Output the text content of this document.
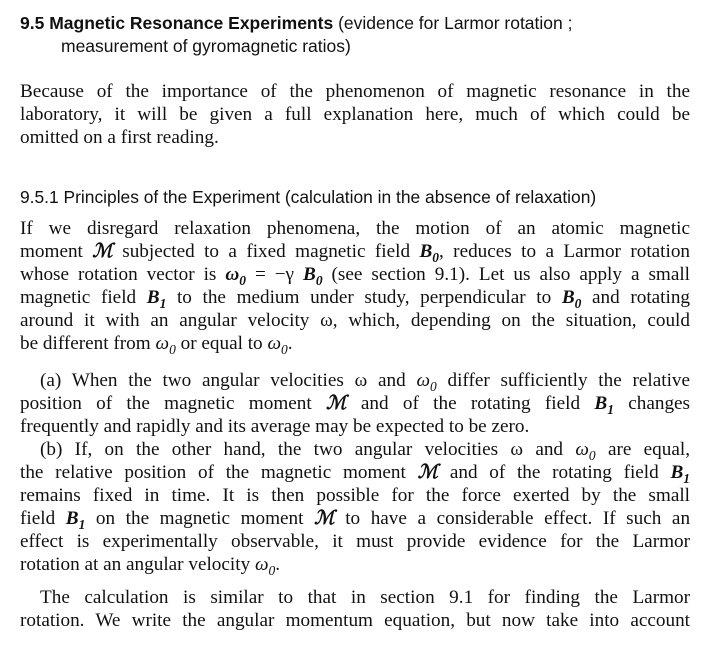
9.5 Magnetic Resonance Experiments (evidence for Larmor rotation ;
measurement of gyromagnetic ratios)
Because of the importance of the phenomenon of magnetic resonance in the
laboratory, it will be given a full explanation here, much of which could be
omitted on a first reading.
9.5.1 Principles of the Experiment (calculation in the absence of relaxation)
If we disregard relaxation phenomena, the motion of an atomic magnetic
moment ℳ subjected to a fixed magnetic field $B_0$, reduces to a Larmor rotation
whose rotation vector is $\omega_0 = -\gamma$ $B_0$ (see section 9.1). Let us also apply a small
magnetic field $B_1$ to the medium under study, perpendicular to $B_0$ and rotating
around it with an angular velocity ω, which, depending on the situation, could
be different from $\omega_0$ or equal to $\omega_0$.
(a) When the two angular velocities ω and $\omega_0$ differ sufficiently the relative
position of the magnetic moment ℳ and of the rotating field $B_1$ changes
frequently and rapidly and its average may be expected to be zero.
(b) If, on the other hand, the two angular velocities ω and $\omega_0$ are equal,
the relative position of the magnetic moment ℳ and of the rotating field $B_1$
remains fixed in time. It is then possible for the force exerted by the small
field $B_1$ on the magnetic moment ℳ to have a considerable effect. If such an
effect is experimentally observable, it must provide evidence for the Larmor
rotation at an angular velocity $\omega_0$.
The calculation is similar to that in section 9.1 for finding the Larmor
rotation. We write the angular momentum equation, but now take into account
